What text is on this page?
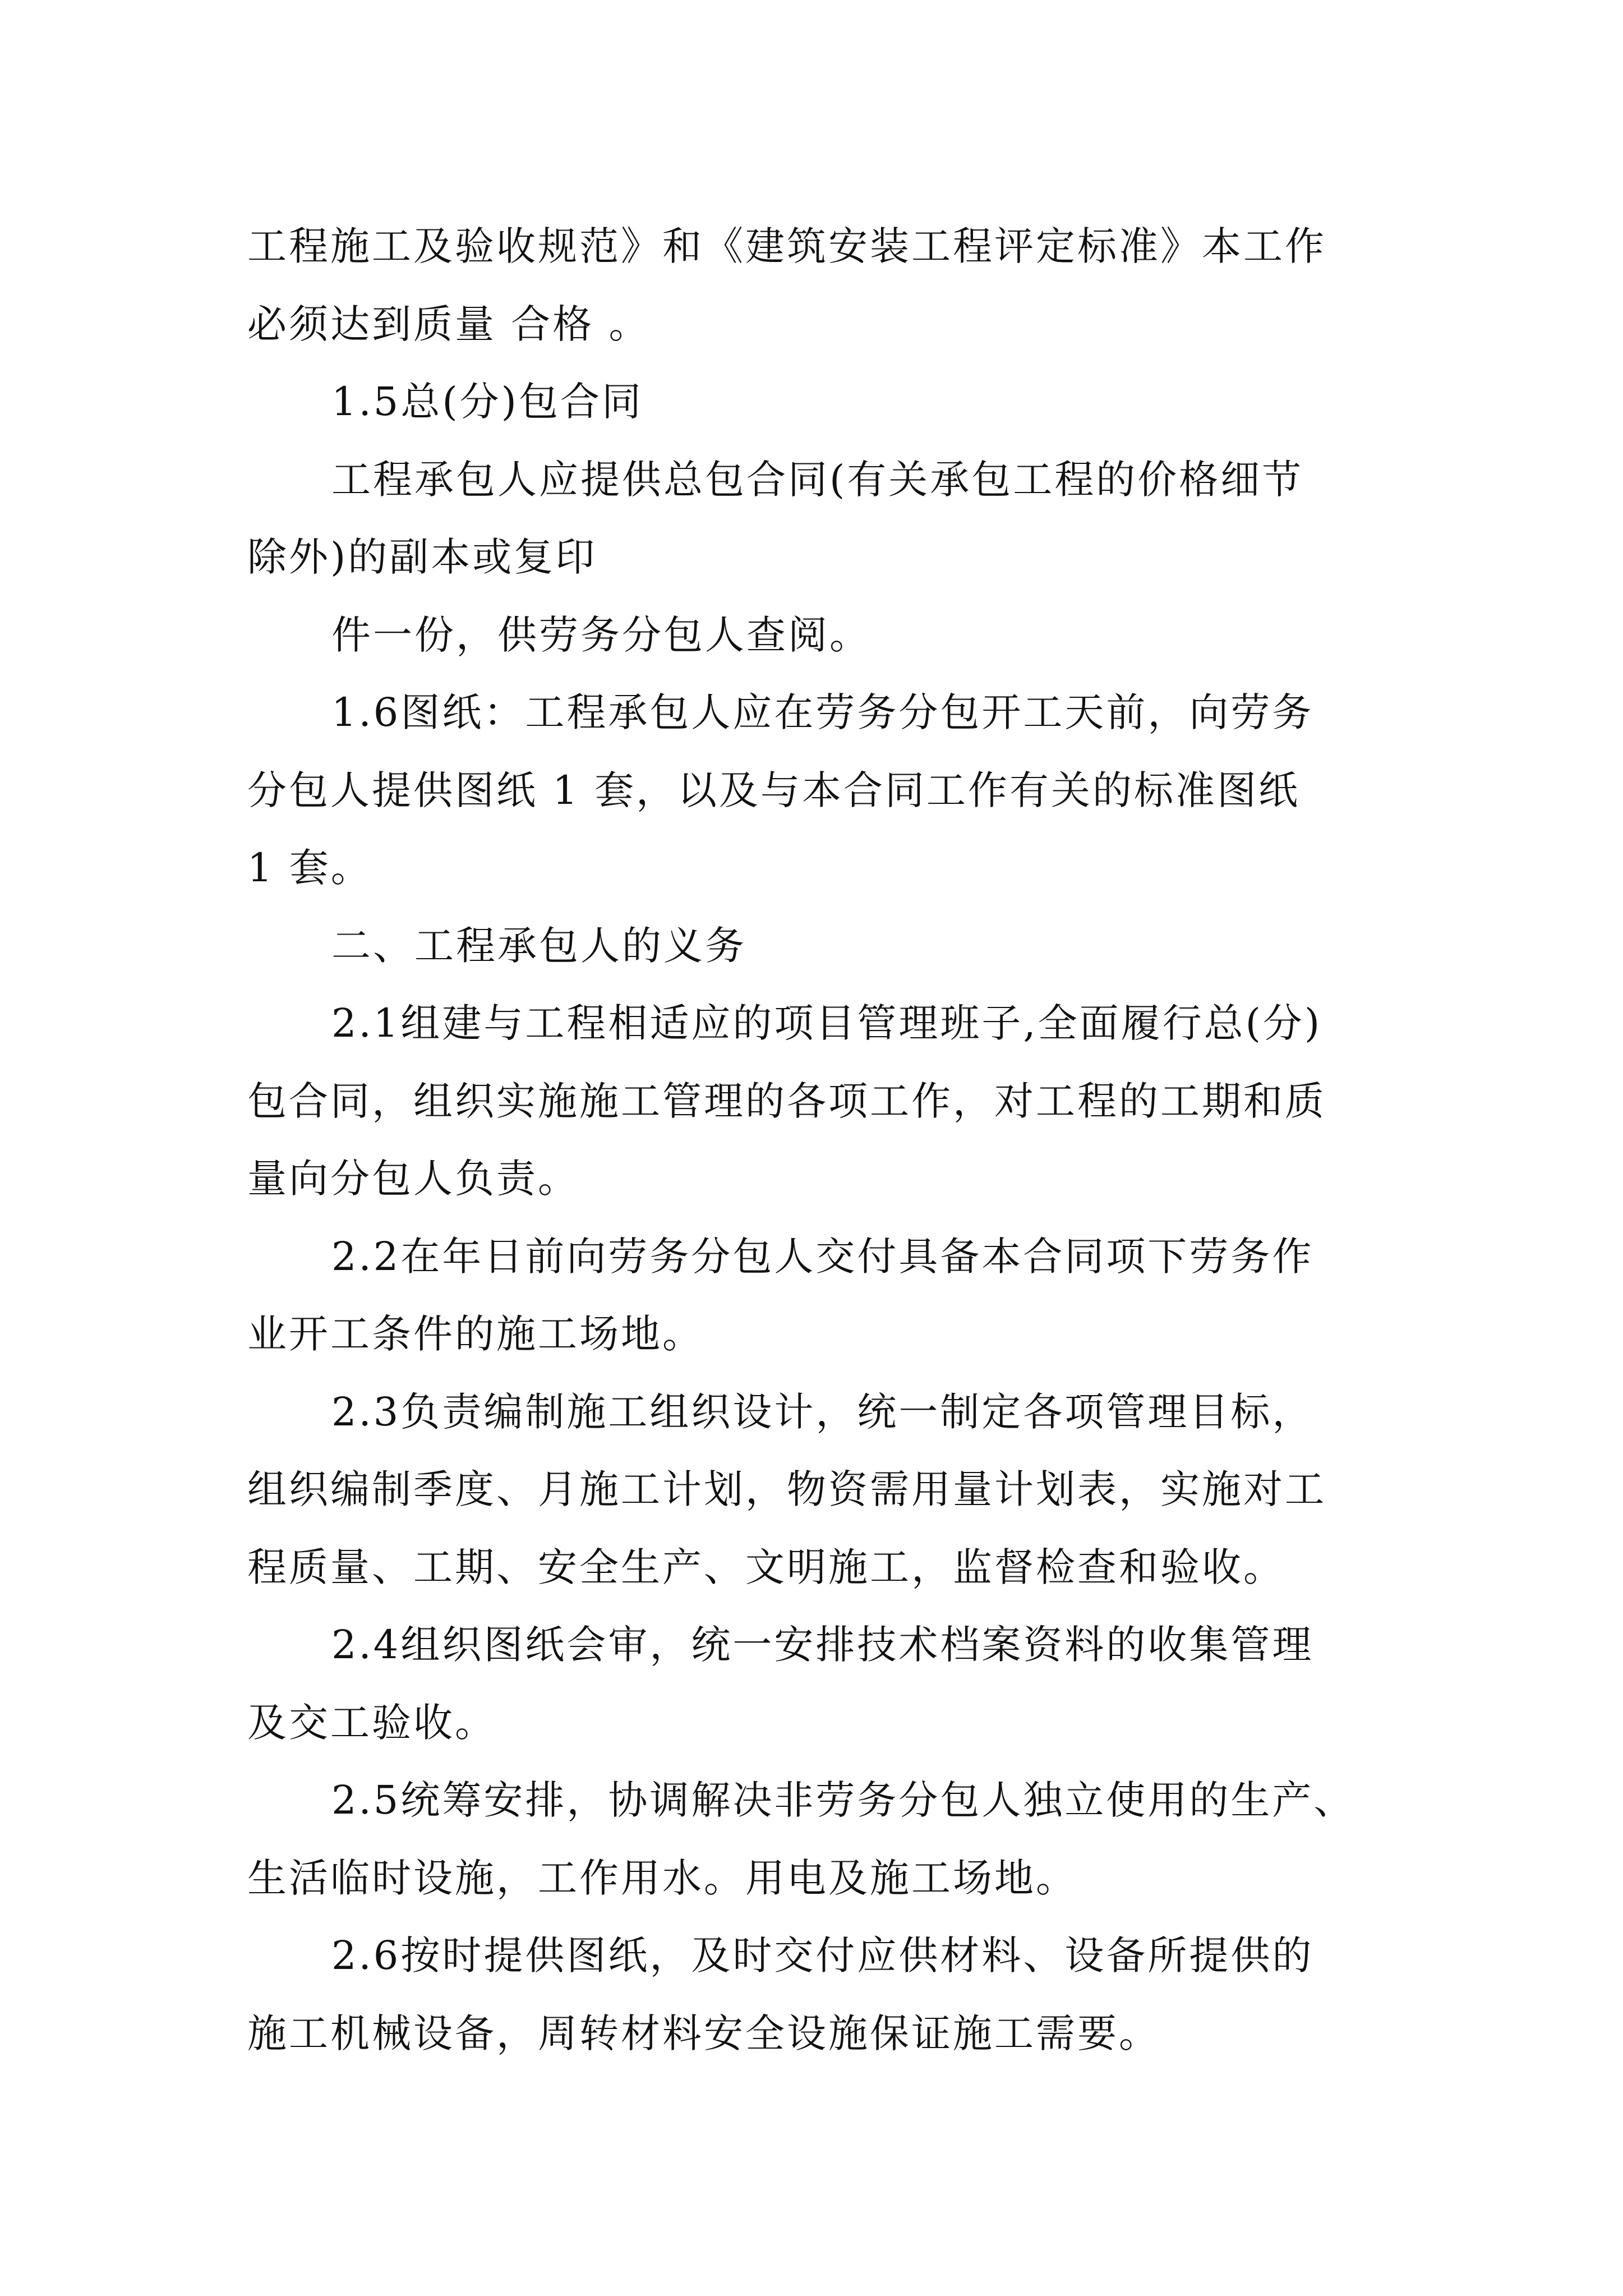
工程施工及验收规范》和《建筑安装工程评定标准》本工作
必须达到质量 合格 。
1.5总(分)包合同
工程承包人应提供总包合同(有关承包工程的价格细节
除外)的副本或复印
件一份，供劳务分包人查阅。
1.6图纸：工程承包人应在劳务分包开工天前，向劳务
分包人提供图纸 1 套，以及与本合同工作有关的标准图纸
1 套。
二、工程承包人的义务
2.1组建与工程相适应的项目管理班子,全面履行总(分)
包合同，组织实施施工管理的各项工作，对工程的工期和质
量向分包人负责。
2.2在年日前向劳务分包人交付具备本合同项下劳务作
业开工条件的施工场地。
2.3负责编制施工组织设计，统一制定各项管理目标，
组织编制季度、月施工计划，物资需用量计划表，实施对工
程质量、工期、安全生产、文明施工，监督检查和验收。
2.4组织图纸会审，统一安排技术档案资料的收集管理
及交工验收。
2.5统筹安排，协调解决非劳务分包人独立使用的生产、
生活临时设施，工作用水。用电及施工场地。
2.6按时提供图纸，及时交付应供材料、设备所提供的
施工机械设备，周转材料安全设施保证施工需要。
